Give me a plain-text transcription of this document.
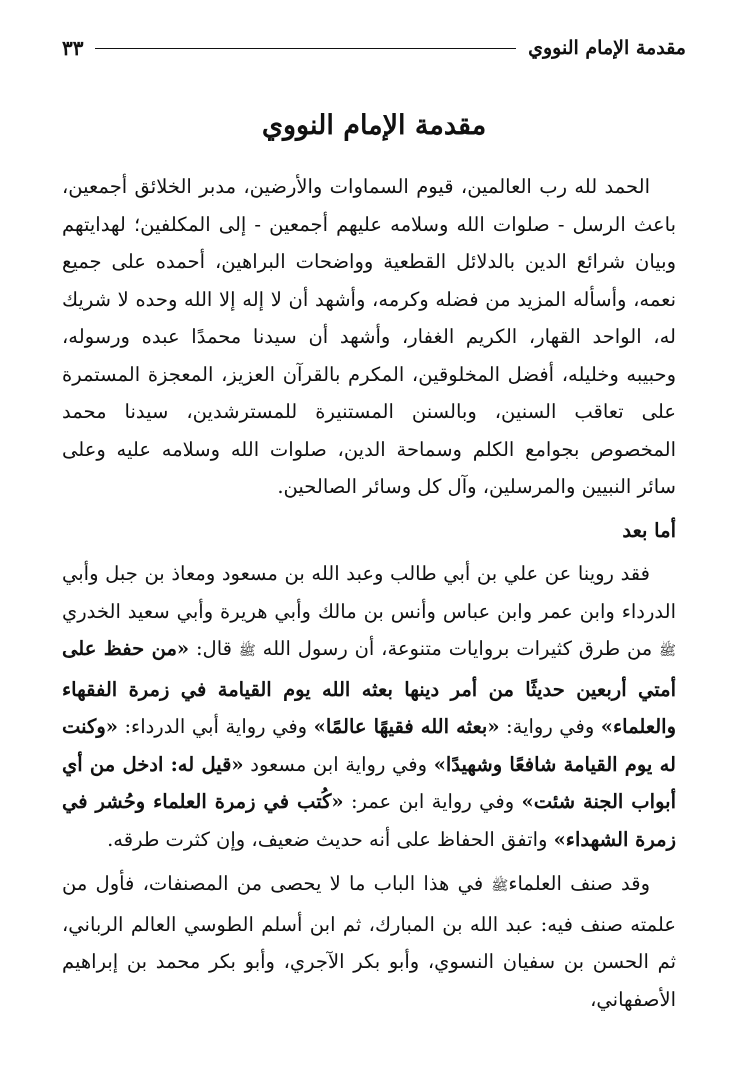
مقدمة الإمام النووي
٣٣
مقدمة الإمام النووي

الحمد لله رب العالمين، قيوم السماوات والأرضين، مدبر الخلائق أجمعين، باعث الرسل - صلوات الله وسلامه عليهم أجمعين - إلى المكلفين؛ لهدايتهم وبيان شرائع الدين بالدلائل القطعية وواضحات البراهين، أحمده على جميع نعمه، وأسأله المزيد من فضله وكرمه، وأشهد أن لا إله إلا الله وحده لا شريك له، الواحد القهار، الكريم الغفار، وأشهد أن سيدنا محمدًا عبده ورسوله، وحبيبه وخليله، أفضل المخلوقين، المكرم بالقرآن العزيز، المعجزة المستمرة على تعاقب السنين، وبالسنن المستنيرة للمسترشدين، سيدنا محمد المخصوص بجوامع الكلم وسماحة الدين، صلوات الله وسلامه عليه وعلى سائر النبيين والمرسلين، وآل كل وسائر الصالحين.

أما بعد

فقد روينا عن علي بن أبي طالب وعبد الله بن مسعود ومعاذ بن جبل وأبي الدرداء وابن عمر وابن عباس وأنس بن مالك وأبي هريرة وأبي سعيد الخدري ﷺ من طرق كثيرات بروايات متنوعة، أن رسول الله ﷺ قال: «من حفظ على أمتي أربعين حديثًا من أمر دينها بعثه الله يوم القيامة في زمرة الفقهاء والعلماء» وفي رواية: «بعثه الله فقيهًا عالمًا» وفي رواية أبي الدرداء: «وكنت له يوم القيامة شافعًا وشهيدًا» وفي رواية ابن مسعود «قيل له: ادخل من أي أبواب الجنة شئت» وفي رواية ابن عمر: «كُتب في زمرة العلماء وحُشر في زمرة الشهداء» واتفق الحفاظ على أنه حديث ضعيف، وإن كثرت طرقه.

وقد صنف العلماءﷺ في هذا الباب ما لا يحصى من المصنفات، فأول من علمته صنف فيه: عبد الله بن المبارك، ثم ابن أسلم الطوسي العالم الرباني، ثم الحسن بن سفيان النسوي، وأبو بكر الآجري، وأبو بكر محمد بن إبراهيم الأصفهاني،
